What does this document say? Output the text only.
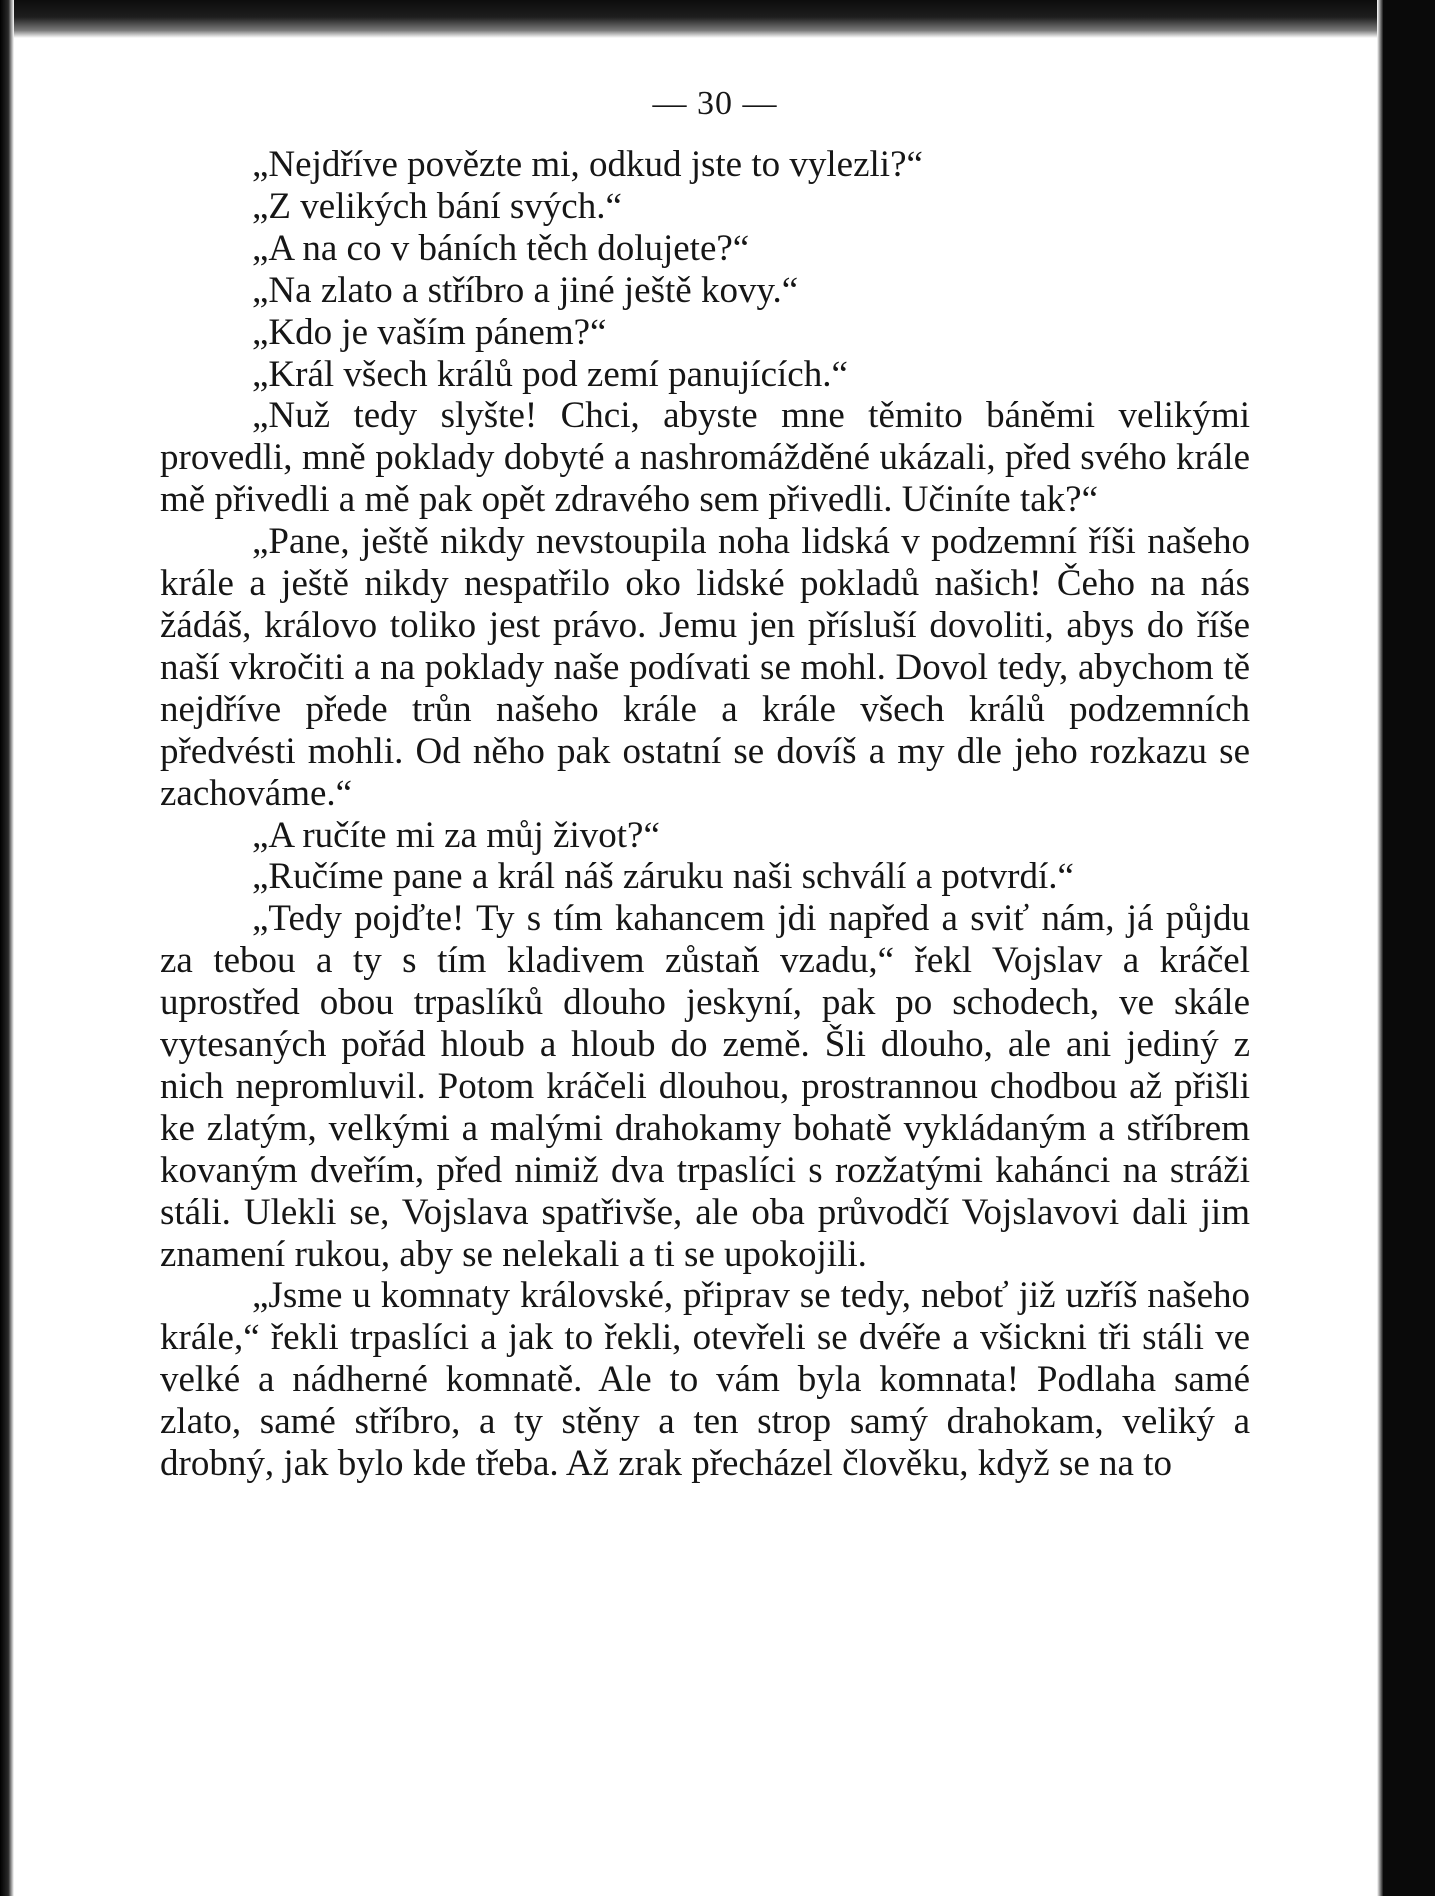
— 30 —

„Nejdříve povězte mi, odkud jste to vylezli?“

„Z velikých bání svých.“

„A na co v báních těch dolujete?“

„Na zlato a stříbro a jiné ještě kovy.“

„Kdo je vaším pánem?“

„Král všech králů pod zemí panujících.“

„Nuž tedy slyšte! Chci, abyste mne těmito báněmi velikými provedli, mně poklady dobyté a nashromážděné ukázali, před svého krále mě přivedli a mě pak opět zdravého sem přivedli. Učiníte tak?“

„Pane, ještě nikdy nevstoupila noha lidská v podzemní říši našeho krále a ještě nikdy nespatřilo oko lidské pokladů našich! Čeho na nás žádáš, královo toliko jest právo. Jemu jen přísluší dovoliti, abys do říše naší vkročiti a na poklady naše podívati se mohl. Dovol tedy, abychom tě nejdříve přede trůn našeho krále a krále všech králů podzemních předvésti mohli. Od něho pak ostatní se dovíš a my dle jeho rozkazu se zachováme.“

„A ručíte mi za můj život?“

„Ručíme pane a král náš záruku naši schválí a potvrdí.“

„Tedy pojďte! Ty s tím kahancem jdi napřed a sviť nám, já půjdu za tebou a ty s tím kladivem zůstaň vzadu,“ řekl Vojslav a kráčel uprostřed obou trpaslíků dlouho jeskyní, pak po schodech, ve skále vytesaných pořád hloub a hloub do země. Šli dlouho, ale ani jediný z nich nepromluvil. Potom kráčeli dlouhou, prostrannou chodbou až přišli ke zlatým, velkými a malými drahokamy bohatě vykládaným a stříbrem kovaným dveřím, před nimiž dva trpaslíci s rozžatými kahánci na stráži stáli. Ulekli se, Vojslava spatřivše, ale oba průvodčí Vojslavovi dali jim znamení rukou, aby se nelekali a ti se upokojili.

„Jsme u komnaty královské, připrav se tedy, neboť již uzříš našeho krále,“ řekli trpaslíci a jak to řekli, otevřeli se dvéře a všickni tři stáli ve velké a nádherné komnatě. Ale to vám byla komnata! Podlaha samé zlato, samé stříbro, a ty stěny a ten strop samý drahokam, veliký a drobný, jak bylo kde třeba. Až zrak přecházel člověku, když se na to
